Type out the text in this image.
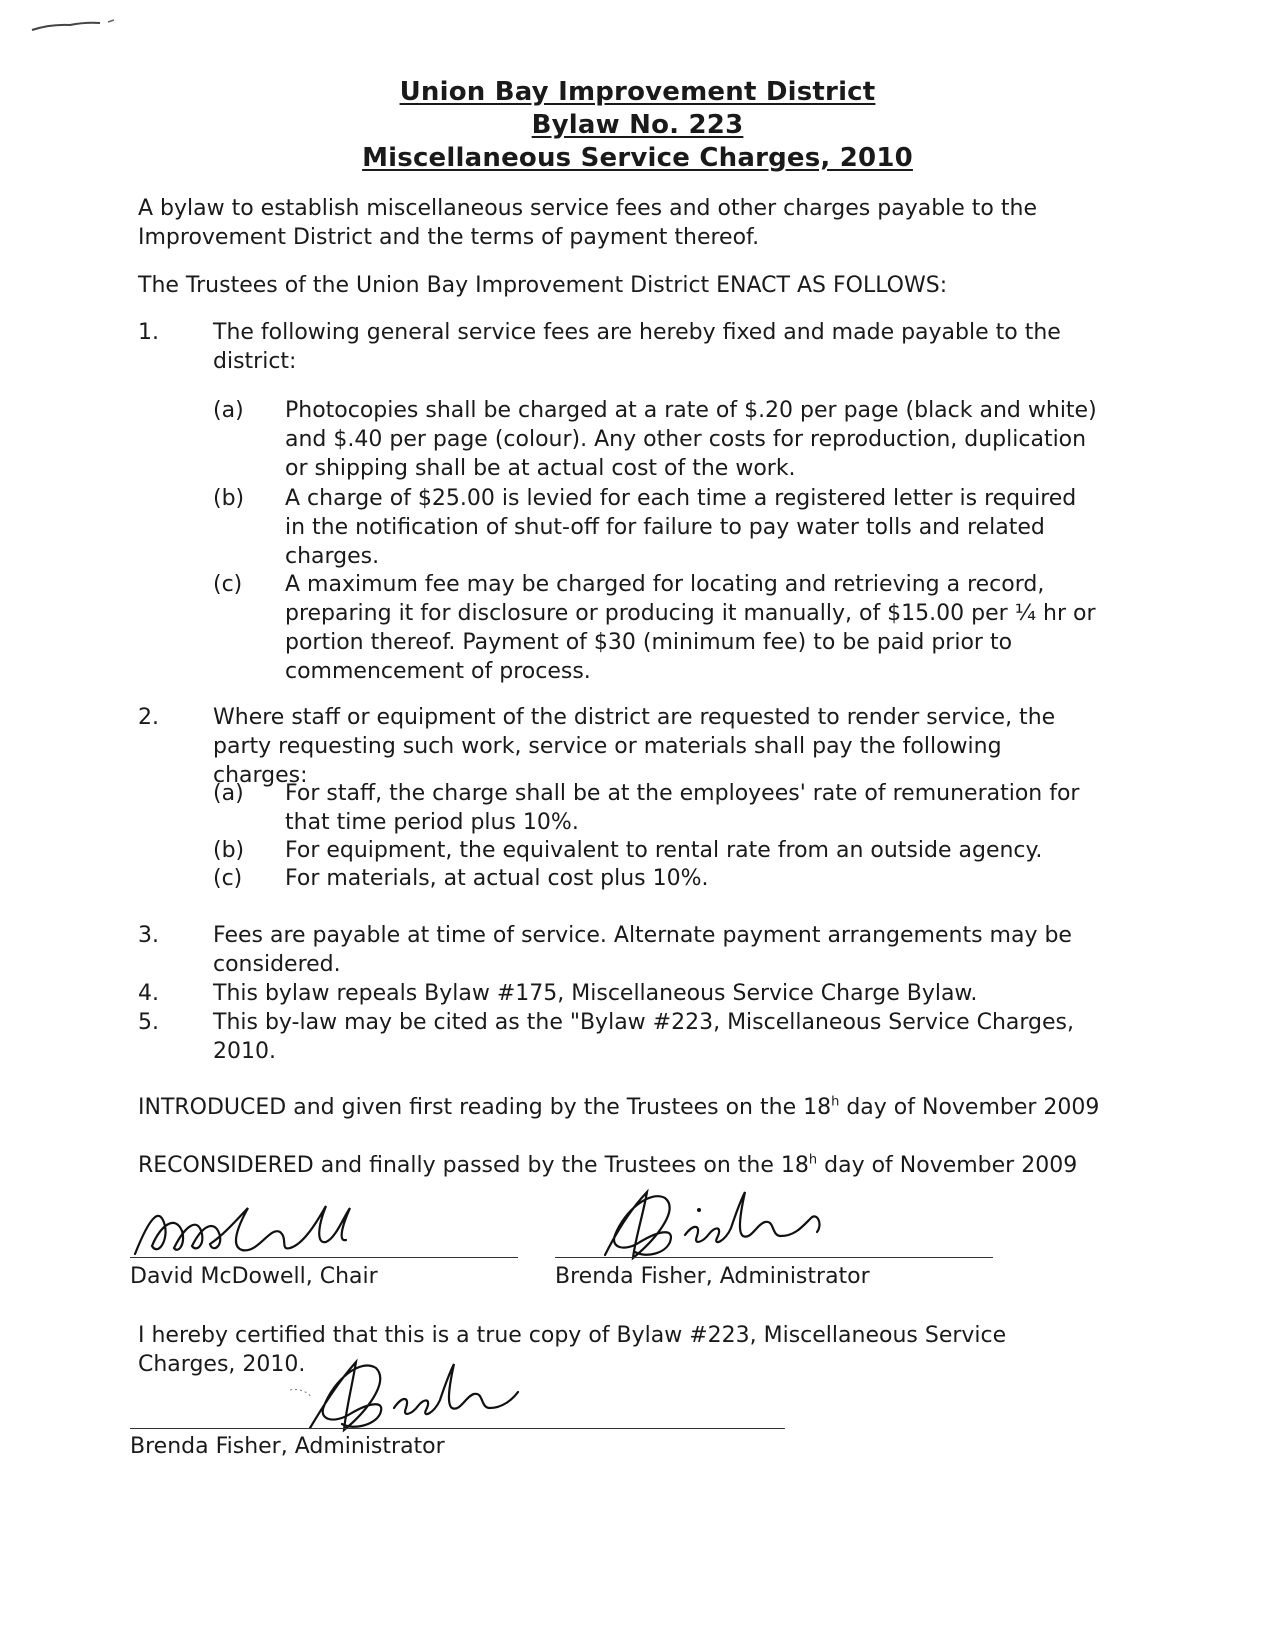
Union Bay Improvement District
Bylaw No. 223
Miscellaneous Service Charges, 2010
A bylaw to establish miscellaneous service fees and other charges payable to the Improvement District and the terms of payment thereof.
The Trustees of the Union Bay Improvement District ENACT AS FOLLOWS:
1. The following general service fees are hereby fixed and made payable to the district:
(a) Photocopies shall be charged at a rate of $.20 per page (black and white) and $.40 per page (colour). Any other costs for reproduction, duplication or shipping shall be at actual cost of the work.
(b) A charge of $25.00 is levied for each time a registered letter is required in the notification of shut-off for failure to pay water tolls and related charges.
(c) A maximum fee may be charged for locating and retrieving a record, preparing it for disclosure or producing it manually, of $15.00 per ¼ hr or portion thereof. Payment of $30 (minimum fee) to be paid prior to commencement of process.
2. Where staff or equipment of the district are requested to render service, the party requesting such work, service or materials shall pay the following charges:
(a) For staff, the charge shall be at the employees' rate of remuneration for that time period plus 10%.
(b) For equipment, the equivalent to rental rate from an outside agency.
(c) For materials, at actual cost plus 10%.
3. Fees are payable at time of service. Alternate payment arrangements may be considered.
4. This bylaw repeals Bylaw #175, Miscellaneous Service Charge Bylaw.
5. This by-law may be cited as the "Bylaw #223, Miscellaneous Service Charges, 2010.
INTRODUCED and given first reading by the Trustees on the 18$^h$ day of November 2009
RECONSIDERED and finally passed by the Trustees on the 18$^h$ day of November 2009
David McDowell, Chair	Brenda Fisher, Administrator
I hereby certified that this is a true copy of Bylaw #223, Miscellaneous Service Charges, 2010.
Brenda Fisher, Administrator
